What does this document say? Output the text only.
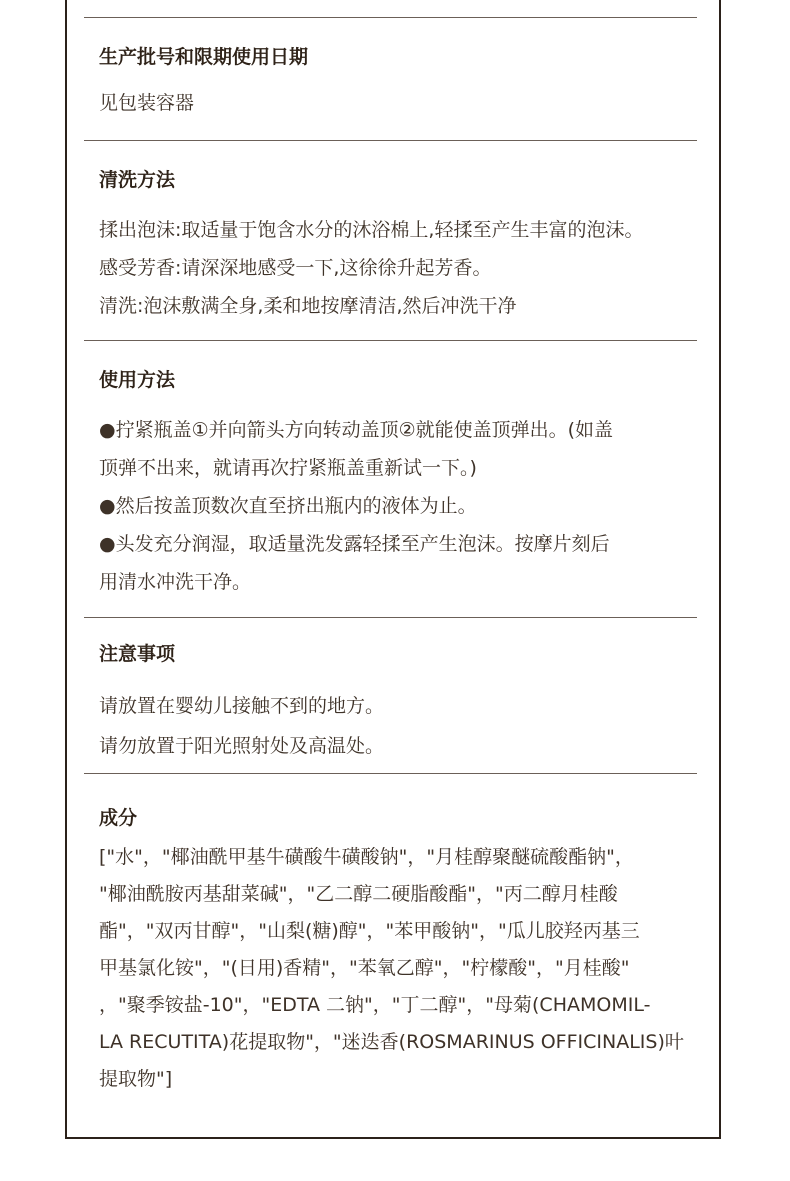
生产批号和限期使用日期

见包装容器

清洗方法

揉出泡沫:取适量于饱含水分的沐浴棉上,轻揉至产生丰富的泡沫。

感受芳香:请深深地感受一下,这徐徐升起芳香。

清洗:泡沫敷满全身,柔和地按摩清洁,然后冲洗干净

使用方法

●拧紧瓶盖①并向箭头方向转动盖顶②就能使盖顶弹出。(如盖

顶弹不出来，就请再次拧紧瓶盖重新试一下。)

●然后按盖顶数次直至挤出瓶内的液体为止。

●头发充分润湿，取适量洗发露轻揉至产生泡沫。按摩片刻后

用清水冲洗干净。

注意事项

请放置在婴幼儿接触不到的地方。

请勿放置于阳光照射处及高温处。

成分

["水"，"椰油酰甲基牛磺酸牛磺酸钠"，"月桂醇聚醚硫酸酯钠"，
"椰油酰胺丙基甜菜碱"，"乙二醇二硬脂酸酯"，"丙二醇月桂酸
酯"，"双丙甘醇"，"山梨(糖)醇"，"苯甲酸钠"，"瓜儿胶羟丙基三
甲基氯化铵"，"(日用)香精"，"苯氧乙醇"，"柠檬酸"，"月桂酸"
，"聚季铵盐-10"，"EDTA 二钠"，"丁二醇"，"母菊(CHAMOMIL-
LA RECUTITA)花提取物"，"迷迭香(ROSMARINUS OFFICINALIS)叶
提取物"]
